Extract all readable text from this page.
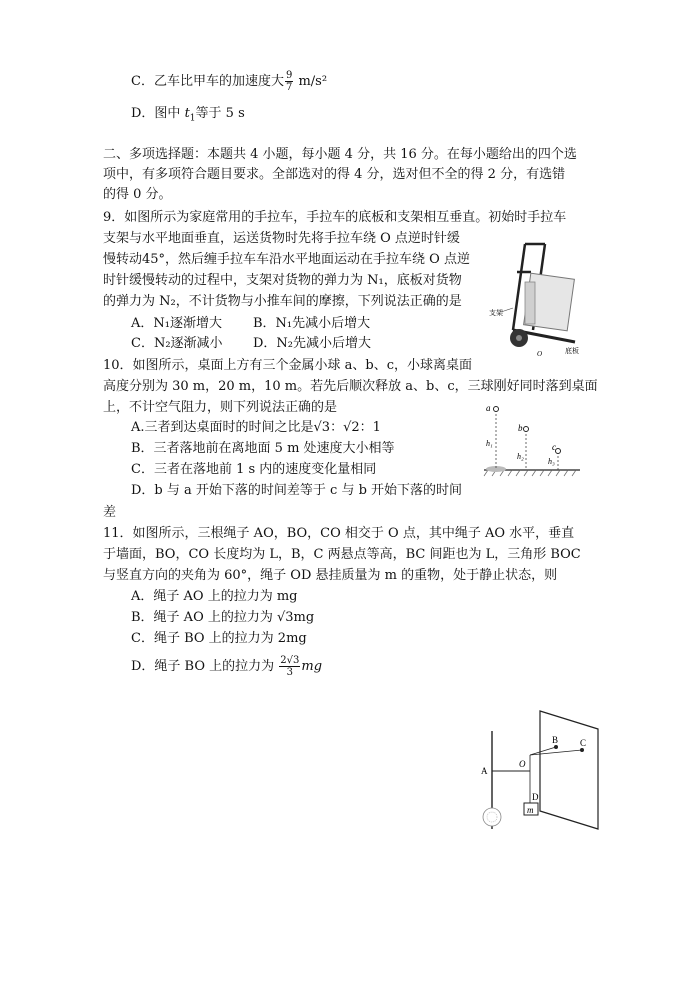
C．乙车比甲车的加速度大 $\frac{9}{7} m/s^2$
D．图中 $t_1$等于 5 s
二、多项选择题：本题共 4 小题，每小题 4 分，共 16 分。在每小题给出的四个选
项中，有多项符合题目要求。全部选对的得 4 分，选对但不全的得 2 分，有选错
的得 0 分。
9．如图所示为家庭常用的手拉车，手拉车的底板和支架相互垂直。初始时手拉车
支架与水平地面垂直，运送货物时先将手拉车绕 O 点逆时针缓
慢转动45°，然后缠手拉车车沿水平地面运动在手拉车绕 O 点逆
时针缓慢转动的过程中，支架对货物的弹力为 N₁，底板对货物
的弹力为 N₂，不计货物与小推车间的摩擦，下列说法正确的是
A．N₁逐渐增大 B．N₁先减小后增大
C．N₂逐渐减小 D．N₂先减小后增大
支架
底板
O
10．如图所示，桌面上方有三个金属小球 a、b、c，小球离桌面
高度分别为 30 m，20 m，10 m。若先后顺次释放 a、b、c，三球刚好同时落到桌面
上，不计空气阻力，则下列说法正确的是
A.三者到达桌面时的时间之比是√3：√2：1
B．三者落地前在离地面 5 m 处速度大小相等
C．三者在落地前 1 s 内的速度变化量相同
D．b 与 a 开始下落的时间差等于 c 与 b 开始下落的时间
差
a
b
c
h₁
h₂
h₃
11．如图所示，三根绳子 AO，BO，CO 相交于 O 点，其中绳子 AO 水平，垂直
于墙面，BO，CO 长度均为 L，B，C 两悬点等高，BC 间距也为 L，三角形 BOC
与竖直方向的夹角为 60°，绳子 OD 悬挂质量为 m 的重物，处于静止状态，则
A．绳子 AO 上的拉力为 mg
B．绳子 AO 上的拉力为 √3mg
C．绳子 BO 上的拉力为 2mg
D．绳子 BO 上的拉力为 $\frac{2√3}{3}$ mg
m
A
O
B C
D
